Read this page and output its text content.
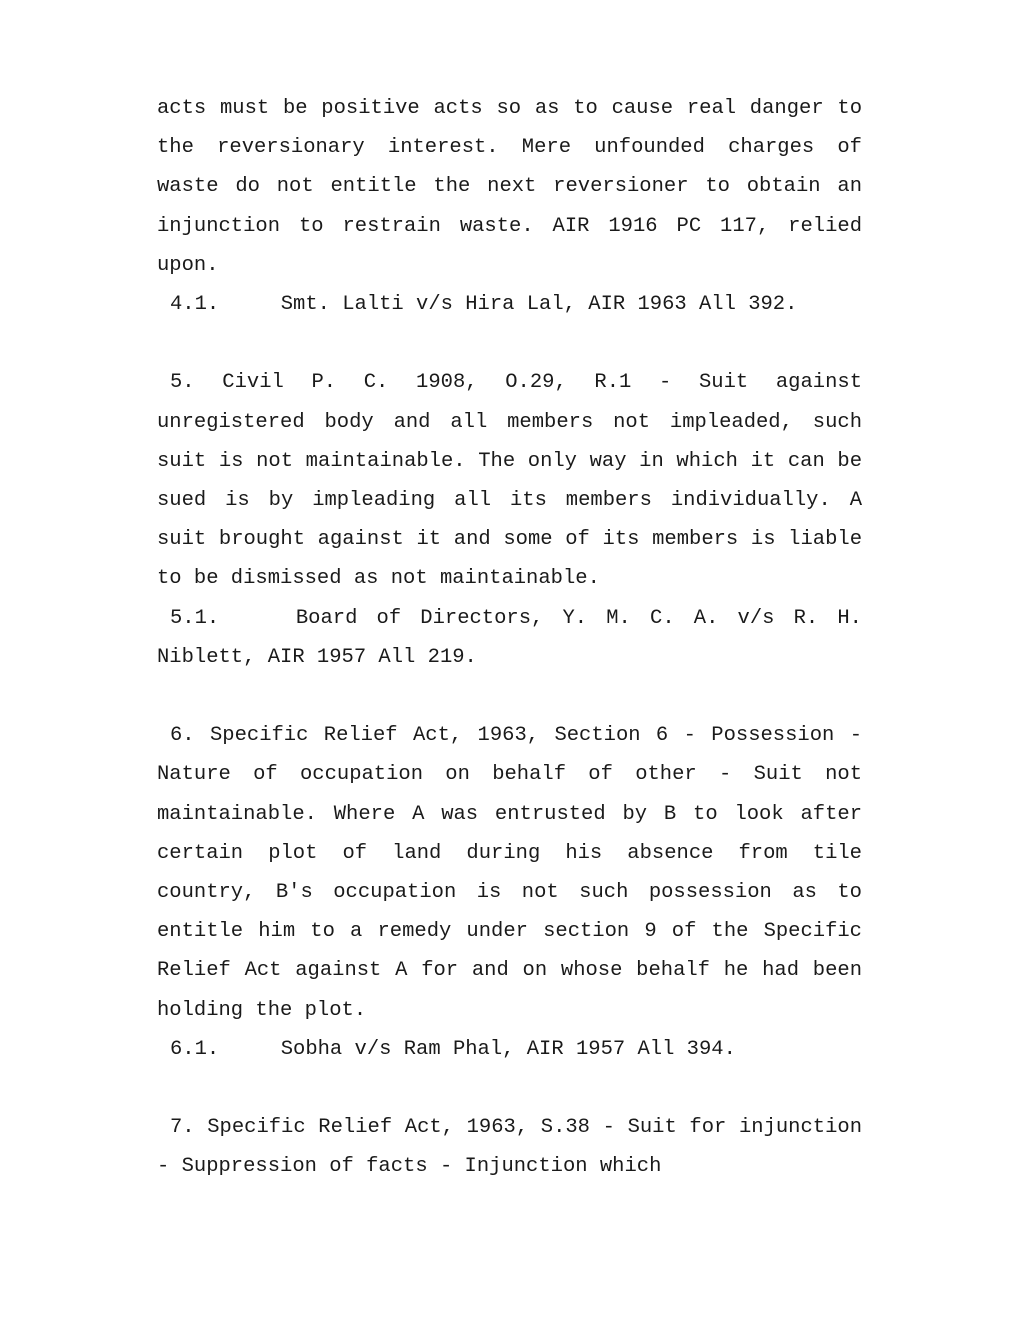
acts must be positive acts so as to cause real danger to the reversionary interest. Mere unfounded charges of waste do not entitle the next reversioner to obtain an injunction to restrain waste. AIR 1916 PC 117, relied upon.

4.1.     Smt. Lalti v/s Hira Lal, AIR 1963 All 392.

5. Civil P. C. 1908, O.29, R.1 - Suit against unregistered body and all members not impleaded, such suit is not maintainable. The only way in which it can be sued is by impleading all its members individually. A suit brought against it and some of its members is liable to be dismissed as not maintainable.

5.1.    Board of Directors, Y. M. C. A. v/s R. H. Niblett, AIR 1957 All 219.

6. Specific Relief Act, 1963, Section 6 - Possession - Nature of occupation on behalf of other - Suit not maintainable. Where A was entrusted by B to look after certain plot of land during his absence from tile country, B's occupation is not such possession as to entitle him to a remedy under section 9 of the Specific Relief Act against A for and on whose behalf he had been holding the plot.

6.1.     Sobha v/s Ram Phal, AIR 1957 All 394.

7. Specific Relief Act, 1963, S.38 - Suit for injunction - Suppression of facts - Injunction which
